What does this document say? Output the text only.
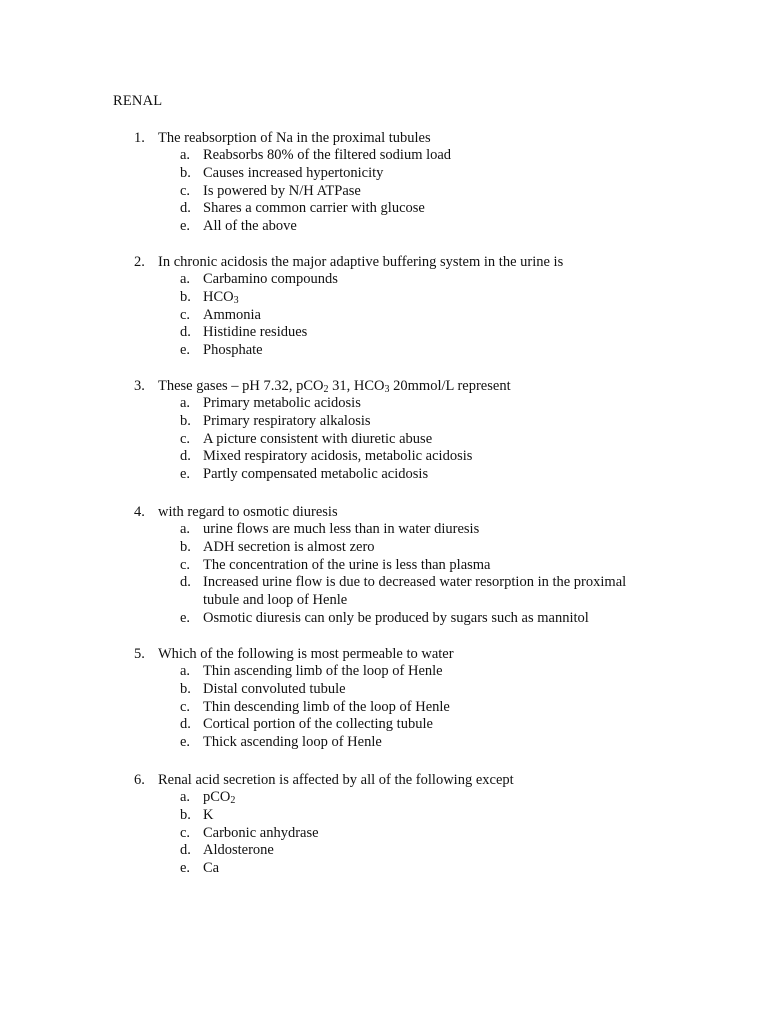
RENAL
1. The reabsorption of Na in the proximal tubules
a. Reabsorbs 80% of the filtered sodium load
b. Causes increased hypertonicity
c. Is powered by N/H ATPase
d. Shares a common carrier with glucose
e. All of the above
2. In chronic acidosis the major adaptive buffering system in the urine is
a. Carbamino compounds
b. $HCO_3$
c. Ammonia
d. Histidine residues
e. Phosphate
3. These gases – pH 7.32, pCO$_2$ 31, $HCO_3$ 20mmol/L represent
a. Primary metabolic acidosis
b. Primary respiratory alkalosis
c. A picture consistent with diuretic abuse
d. Mixed respiratory acidosis, metabolic acidosis
e. Partly compensated metabolic acidosis
4. with regard to osmotic diuresis
a. urine flows are much less than in water diuresis
b. ADH secretion is almost zero
c. The concentration of the urine is less than plasma
d. Increased urine flow is due to decreased water resorption in the proximal tubule and loop of Henle
e. Osmotic diuresis can only be produced by sugars such as mannitol
5. Which of the following is most permeable to water
a. Thin ascending limb of the loop of Henle
b. Distal convoluted tubule
c. Thin descending limb of the loop of Henle
d. Cortical portion of the collecting tubule
e. Thick ascending loop of Henle
6. Renal acid secretion is affected by all of the following except
a. pCO$_2$
b. K
c. Carbonic anhydrase
d. Aldosterone
e. Ca
